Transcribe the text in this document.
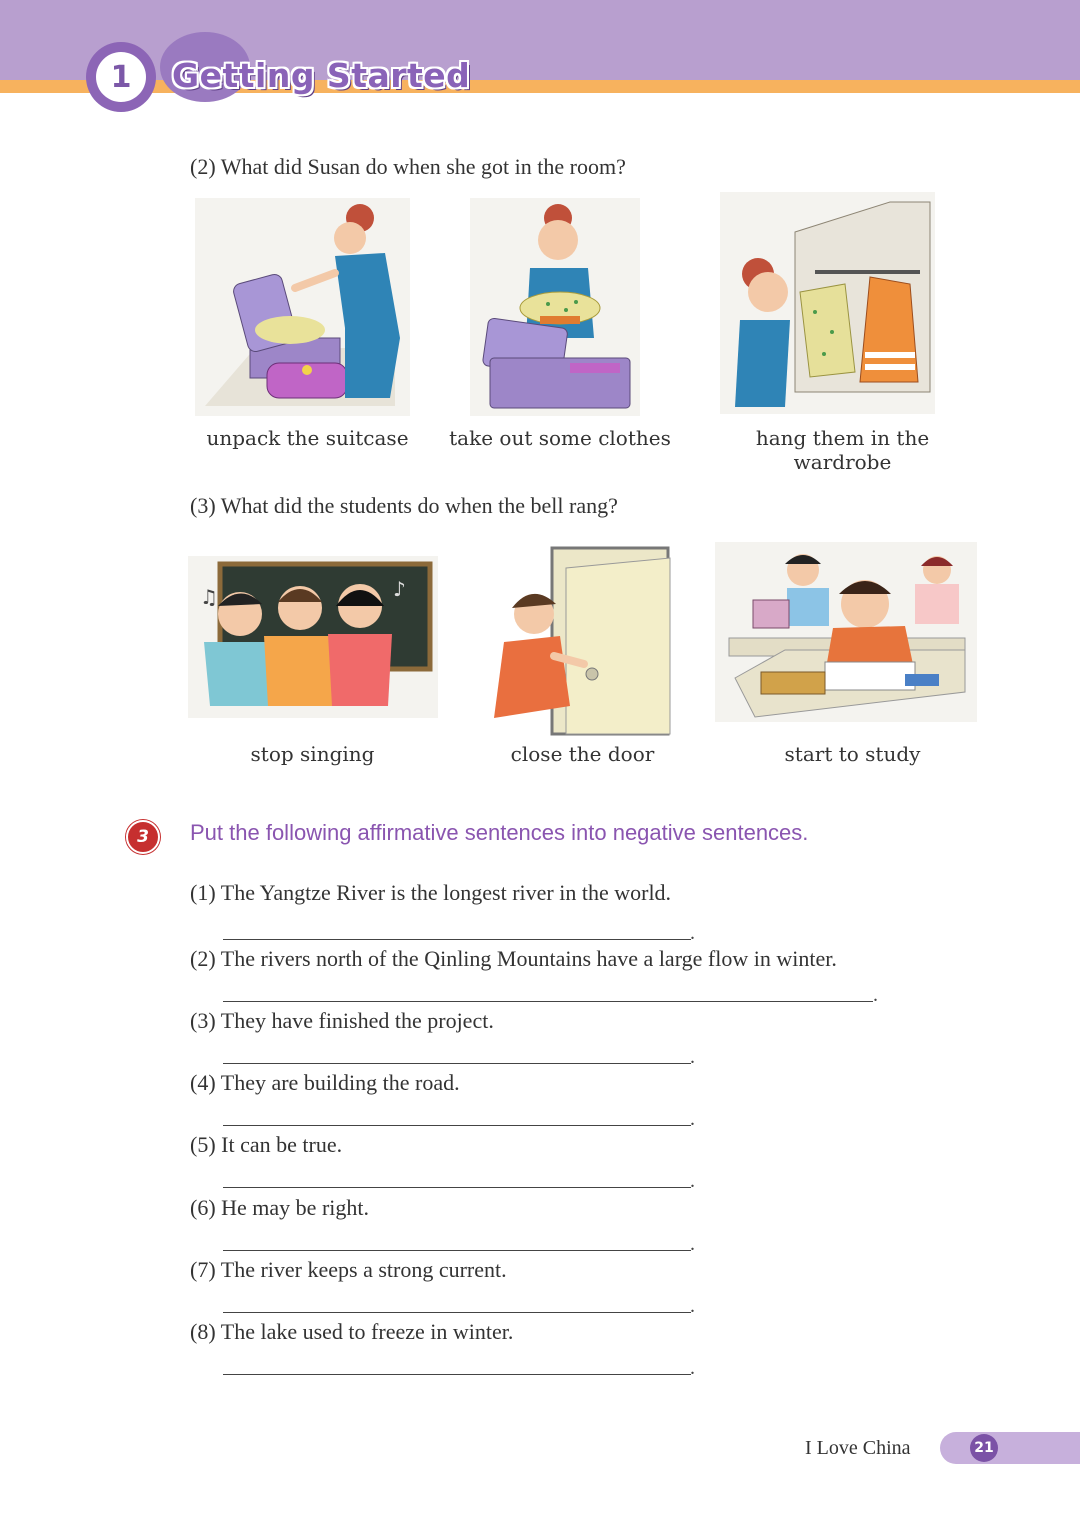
1	Getting Started
(2) What did Susan do when she got in the room?
unpack the suitcase	take out some clothes	hang them in the wardrobe
(3) What did the students do when the bell rang?
♫	♪
stop singing	close the door	start to study
3	Put the following affirmative sentences into negative sentences.
(1) The Yangtze River is the longest river in the world.
.
(2) The rivers north of the Qinling Mountains have a large flow in winter.
.
(3) They have finished the project.
.
(4) They are building the road.
.
(5) It can be true.
.
(6) He may be right.
.
(7) The river keeps a strong current.
.
(8) The lake used to freeze in winter.
.
I Love China	21
